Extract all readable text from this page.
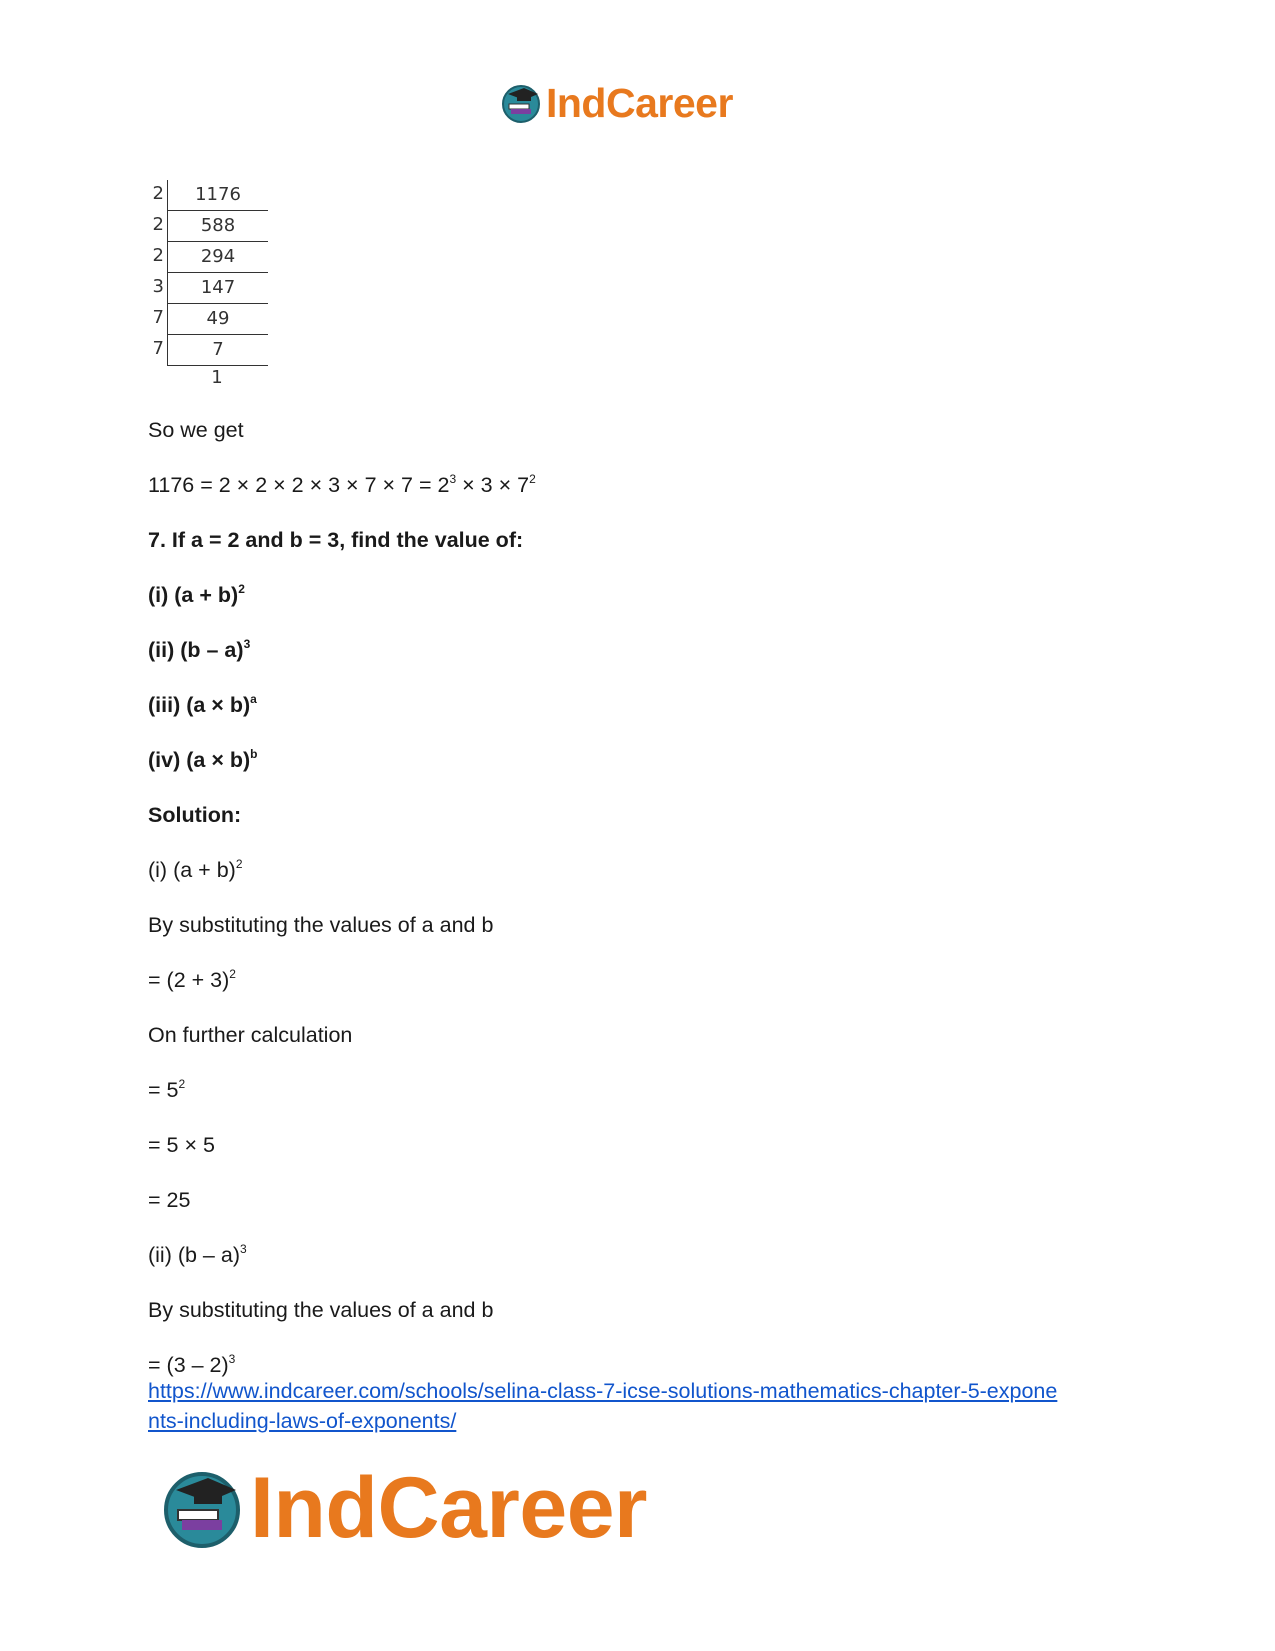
IndCareer
2	1176
2	588
2	294
3	147
7	49
7	7
1
So we get
$1176 = 2 \times 2 \times 2 \times 3 \times 7 \times 7 = 2^3 \times 3 \times 7^2$
7. If a = 2 and b = 3, find the value of:
(i) $(a + b)^2$
(ii) (b – a)$^3$
(iii) $(a \times b)^a$
(iv) $(a \times b)^b$
Solution:
(i) $(a + b)^2$
By substituting the values of a and b
= $(2 + 3)^2$
On further calculation
= $5^2$
= 5 × 5
= 25
(ii) (b – a)$^3$
By substituting the values of a and b
= (3 – 2)$^3$
https://www.indcareer.com/schools/selina-class-7-icse-solutions-mathematics-chapter-5-expone
nts-including-laws-of-exponents/
IndCareer
